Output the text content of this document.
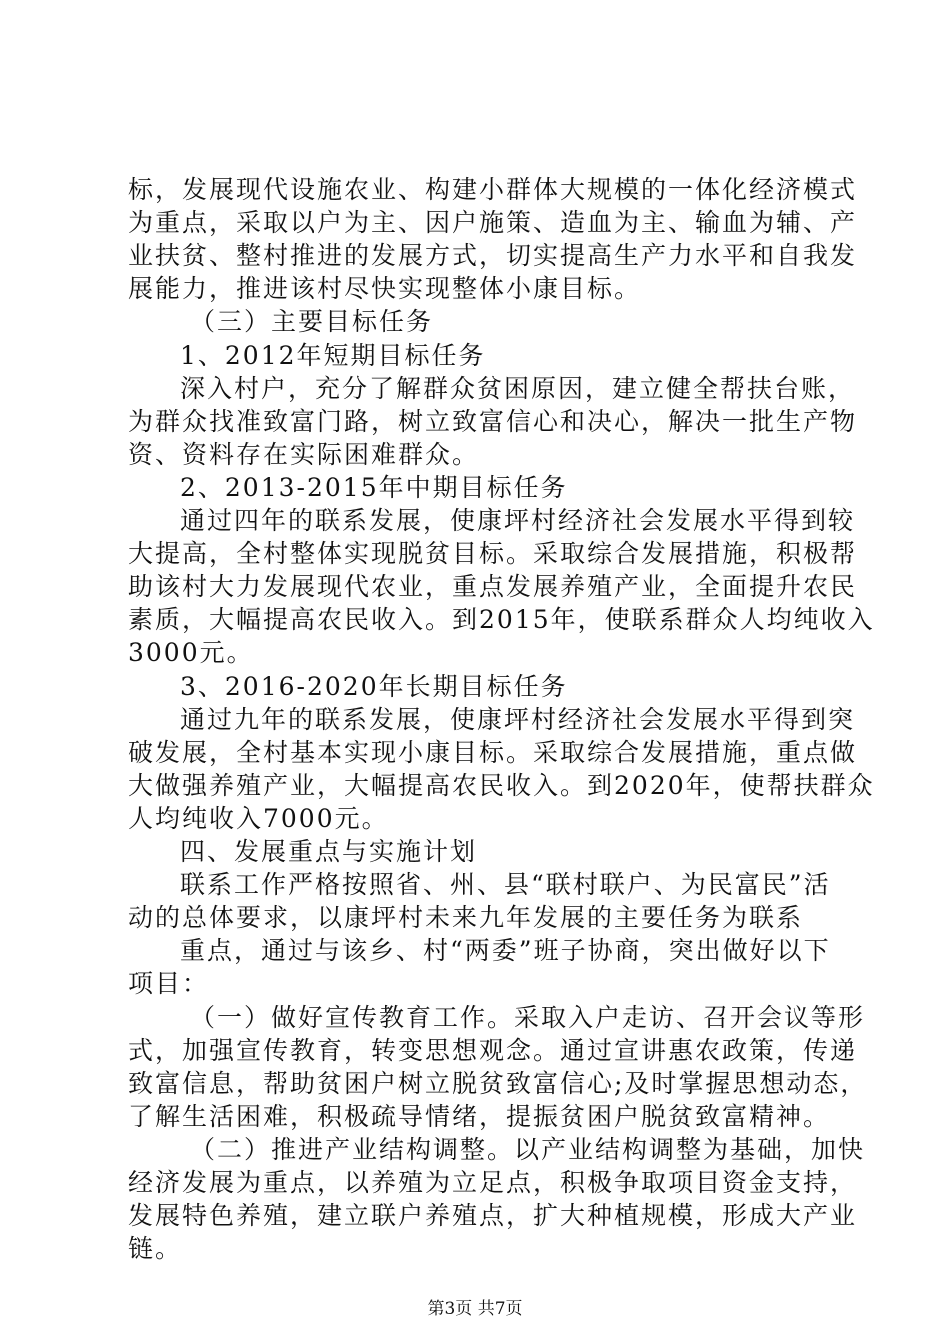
标，发展现代设施农业、构建小群体大规模的一体化经济模式
为重点，采取以户为主、因户施策、造血为主、输血为辅、产
业扶贫、整村推进的发展方式，切实提高生产力水平和自我发
展能力，推进该村尽快实现整体小康目标。
（三）主要目标任务
1、2012年短期目标任务
深入村户，充分了解群众贫困原因，建立健全帮扶台账，
为群众找准致富门路，树立致富信心和决心，解决一批生产物
资、资料存在实际困难群众。
2、2013-2015年中期目标任务
通过四年的联系发展，使康坪村经济社会发展水平得到较
大提高，全村整体实现脱贫目标。采取综合发展措施，积极帮
助该村大力发展现代农业，重点发展养殖产业，全面提升农民
素质，大幅提高农民收入。到2015年，使联系群众人均纯收入
3000元。
3、2016-2020年长期目标任务
通过九年的联系发展，使康坪村经济社会发展水平得到突
破发展，全村基本实现小康目标。采取综合发展措施，重点做
大做强养殖产业，大幅提高农民收入。到2020年，使帮扶群众
人均纯收入7000元。
四、发展重点与实施计划
联系工作严格按照省、州、县“联村联户、为民富民”活
动的总体要求，以康坪村未来九年发展的主要任务为联系
重点，通过与该乡、村“两委”班子协商，突出做好以下
项目：
（一）做好宣传教育工作。采取入户走访、召开会议等形
式，加强宣传教育，转变思想观念。通过宣讲惠农政策，传递
致富信息，帮助贫困户树立脱贫致富信心;及时掌握思想动态，
了解生活困难，积极疏导情绪，提振贫困户脱贫致富精神。
（二）推进产业结构调整。以产业结构调整为基础，加快
经济发展为重点，以养殖为立足点，积极争取项目资金支持，
发展特色养殖，建立联户养殖点，扩大种植规模，形成大产业
链。
第3页 共7页
